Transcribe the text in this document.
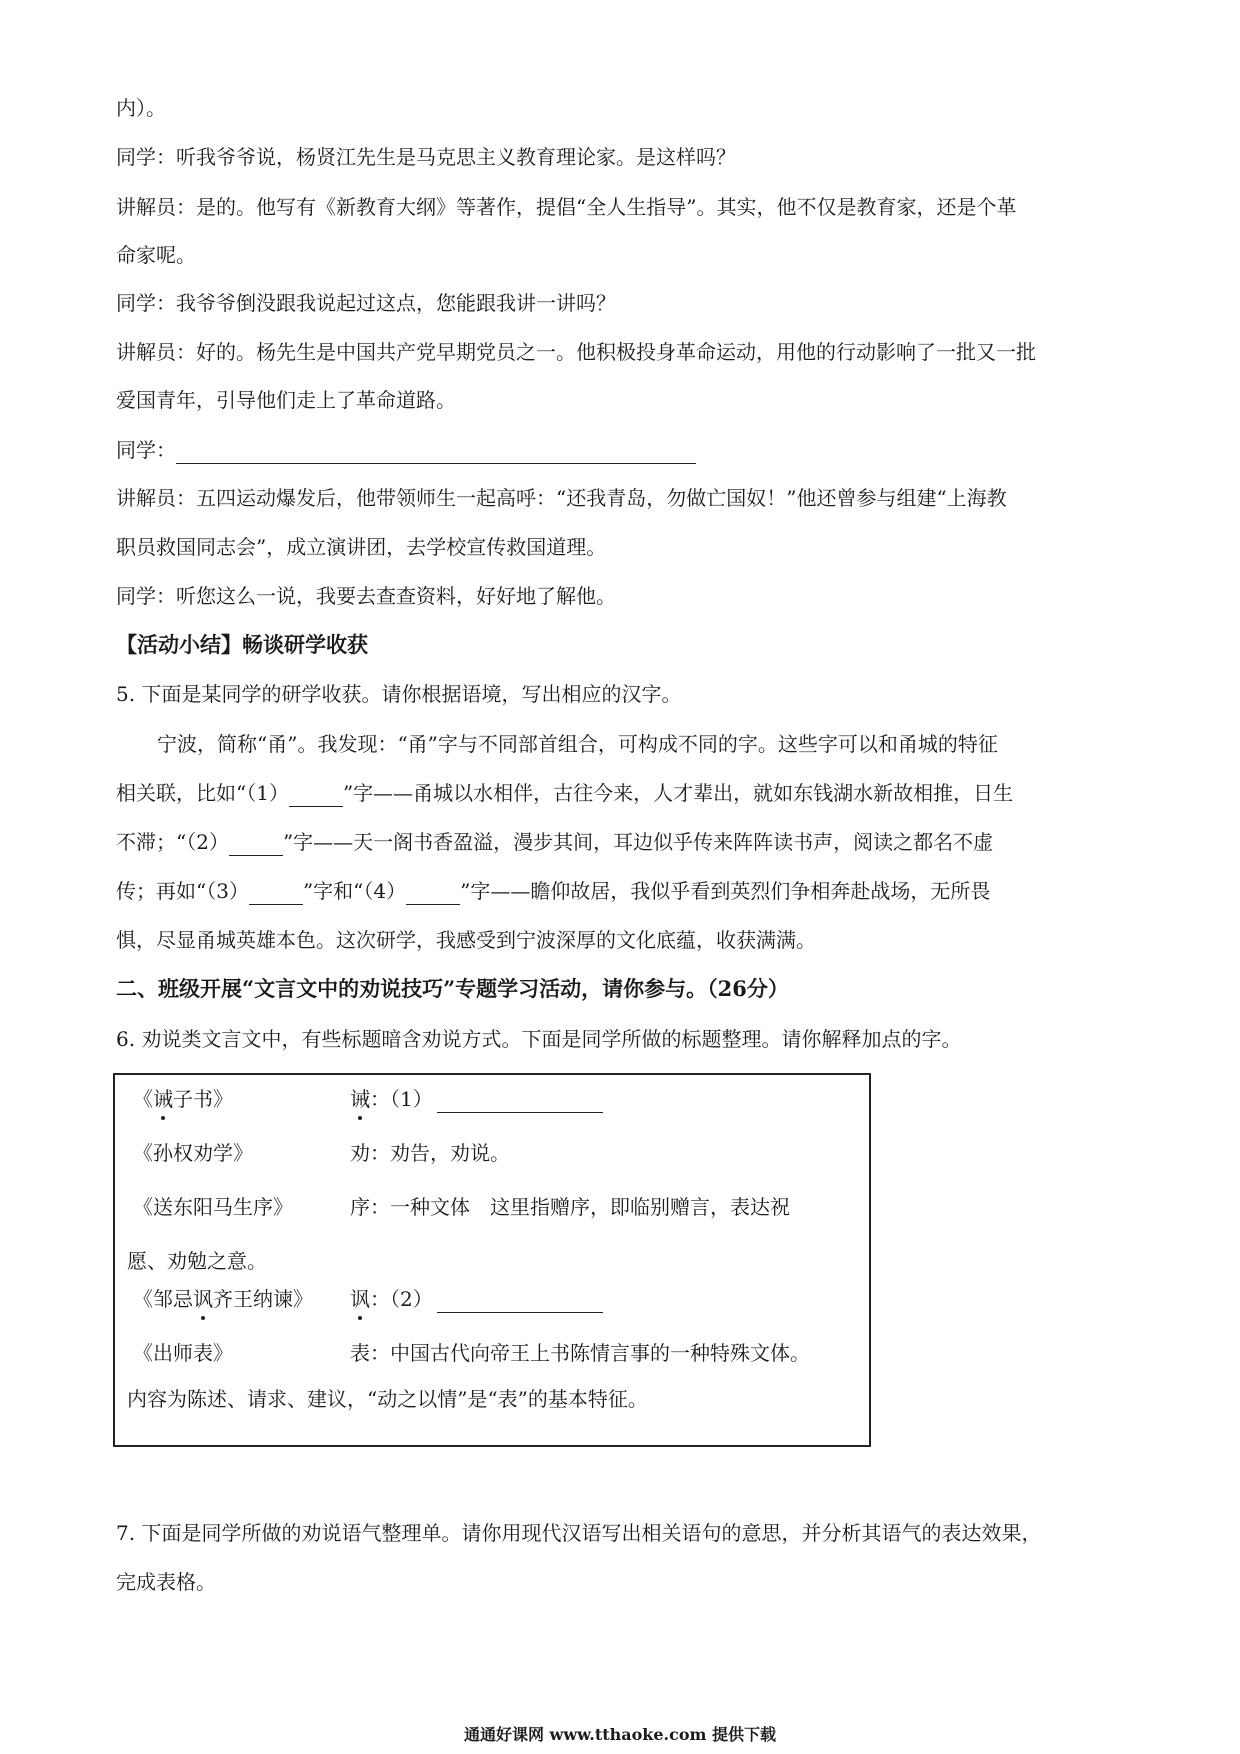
内）。
同学：听我爷爷说，杨贤江先生是马克思主义教育理论家。是这样吗？
讲解员：是的。他写有《新教育大纲》等著作，提倡“全人生指导”。其实，他不仅是教育家，还是个革
命家呢。
同学：我爷爷倒没跟我说起过这点，您能跟我讲一讲吗？
讲解员：好的。杨先生是中国共产党早期党员之一。他积极投身革命运动，用他的行动影响了一批又一批
爱国青年，引导他们走上了革命道路。
同学：
讲解员：五四运动爆发后，他带领师生一起高呼：“还我青岛，勿做亡国奴！”他还曾参与组建“上海教
职员救国同志会”，成立演讲团，去学校宣传救国道理。
同学：听您这么一说，我要去查查资料，好好地了解他。
【活动小结】畅谈研学收获
5. 下面是某同学的研学收获。请你根据语境，写出相应的汉字。
宁波，简称“甬”。我发现：“甬”字与不同部首组合，可构成不同的字。这些字可以和甬城的特征
相关联，比如“（1）	”字——甬城以水相伴，古往今来，人才辈出，就如东钱湖水新故相推，日生
不滞；“（2）	”字——天一阁书香盈溢，漫步其间，耳边似乎传来阵阵读书声，阅读之都名不虚
传；再如“（3）	”字和“（4）	”字——瞻仰故居，我似乎看到英烈们争相奔赴战场，无所畏
惧，尽显甬城英雄本色。这次研学，我感受到宁波深厚的文化底蕴，收获满满。
二、班级开展“文言文中的劝说技巧”专题学习活动，请你参与。（26分）
6. 劝说类文言文中，有些标题暗含劝说方式。下面是同学所做的标题整理。请你解释加点的字。
《诫子书》	诫：（1）
《孙权劝学》	劝：劝告，劝说。
《送东阳马生序》	序：一种文体　这里指赠序，即临别赠言，表达祝
愿、劝勉之意。
《邹忌讽齐王纳谏》 讽：（2）
《出师表》	表：中国古代向帝王上书陈情言事的一种特殊文体。
内容为陈述、请求、建议，“动之以情”是“表”的基本特征。
7. 下面是同学所做的劝说语气整理单。请你用现代汉语写出相关语句的意思，并分析其语气的表达效果，
完成表格。
通通好课网 www.tthaoke.com 提供下载
